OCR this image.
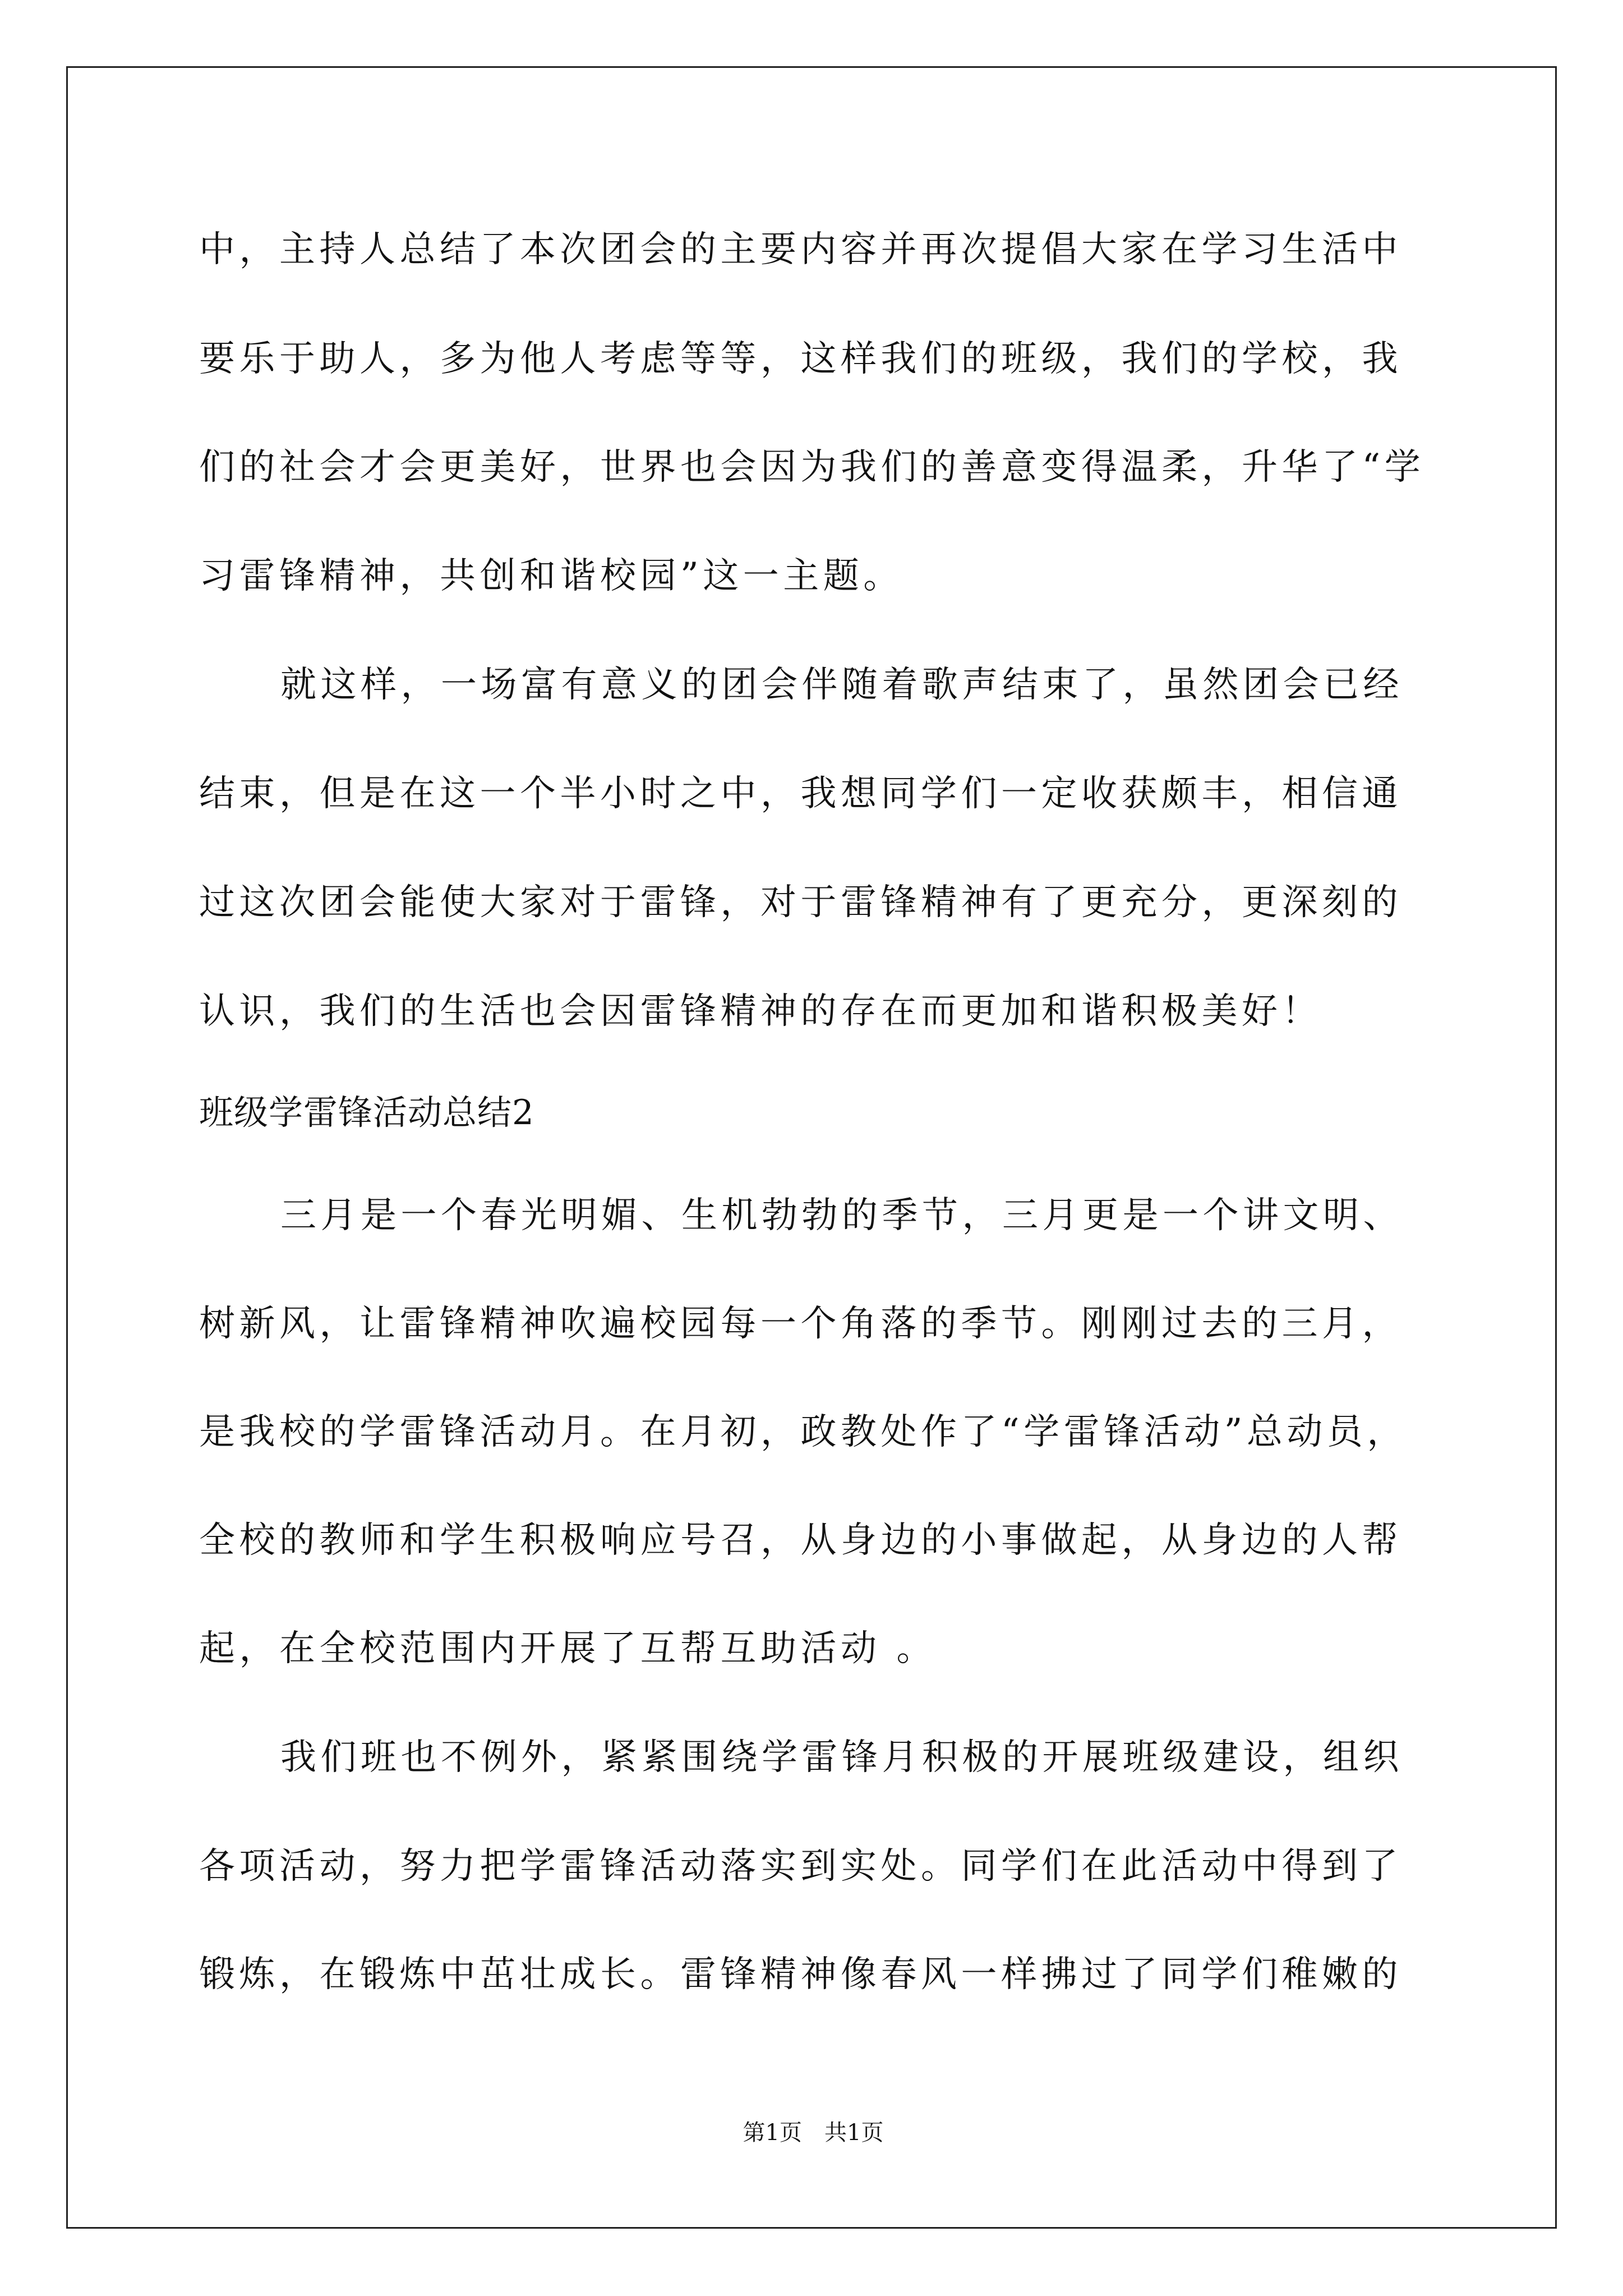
中，主持人总结了本次团会的主要内容并再次提倡大家在学习生活中
要乐于助人，多为他人考虑等等，这样我们的班级，我们的学校，我
们的社会才会更美好，世界也会因为我们的善意变得温柔，升华了“学
习雷锋精神，共创和谐校园”这一主题。
就这样，一场富有意义的团会伴随着歌声结束了，虽然团会已经
结束，但是在这一个半小时之中，我想同学们一定收获颇丰，相信通
过这次团会能使大家对于雷锋，对于雷锋精神有了更充分，更深刻的
认识，我们的生活也会因雷锋精神的存在而更加和谐积极美好！
班级学雷锋活动总结2
三月是一个春光明媚、生机勃勃的季节，三月更是一个讲文明、
树新风，让雷锋精神吹遍校园每一个角落的季节。刚刚过去的三月，
是我校的学雷锋活动月。在月初，政教处作了“学雷锋活动”总动员，
全校的教师和学生积极响应号召，从身边的小事做起，从身边的人帮
起，在全校范围内开展了互帮互助活动 。
我们班也不例外，紧紧围绕学雷锋月积极的开展班级建设，组织
各项活动，努力把学雷锋活动落实到实处。同学们在此活动中得到了
锻炼，在锻炼中茁壮成长。雷锋精神像春风一样拂过了同学们稚嫩的
第1页　共1页
